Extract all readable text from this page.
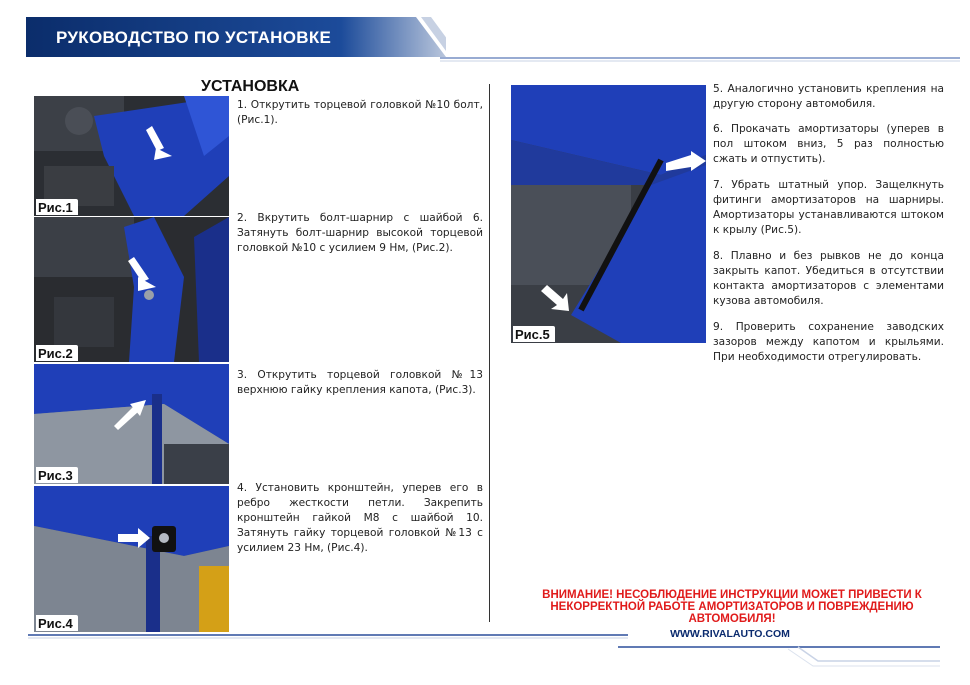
РУКОВОДСТВО ПО УСТАНОВКЕ
УСТАНОВКА
Рис.1
Рис.2
Рис.3
Рис.4
Рис.5
1. Открутить торцевой головкой №10 болт, (Рис.1).
2. Вкрутить болт-шарнир с шайбой 6. Затянуть болт-шарнир высокой торцевой головкой №10 с усилием 9 Нм, (Рис.2).
3. Открутить торцевой головкой №13 верхнюю гайку крепления капота, (Рис.3).
4. Установить кронштейн, уперев его в ребро жесткости петли. Закрепить кронштейн гайкой М8 с шайбой 10. Затянуть гайку торцевой головкой №13 с усилием 23 Нм, (Рис.4).
5. Аналогично установить крепления на другую сторону автомобиля.
6. Прокачать амортизаторы (уперев в пол штоком вниз, 5 раз полностью сжать и отпустить).
7. Убрать штатный упор. Защелкнуть фитинги амортизаторов на шарниры. Амортизаторы устанавливаются штоком к крылу (Рис.5).
8. Плавно и без рывков не до конца закрыть капот. Убедиться в отсутствии контакта амортизаторов с элементами кузова автомобиля.
9. Проверить сохранение заводских зазоров между капотом и крыльями. При необходимости отрегулировать.
ВНИМАНИЕ! НЕСОБЛЮДЕНИЕ ИНСТРУКЦИИ МОЖЕТ ПРИВЕСТИ К НЕКОРРЕКТНОЙ РАБОТЕ АМОРТИЗАТОРОВ И ПОВРЕЖДЕНИЮ АВТОМОБИЛЯ!
WWW.RIVALAUTO.COM
